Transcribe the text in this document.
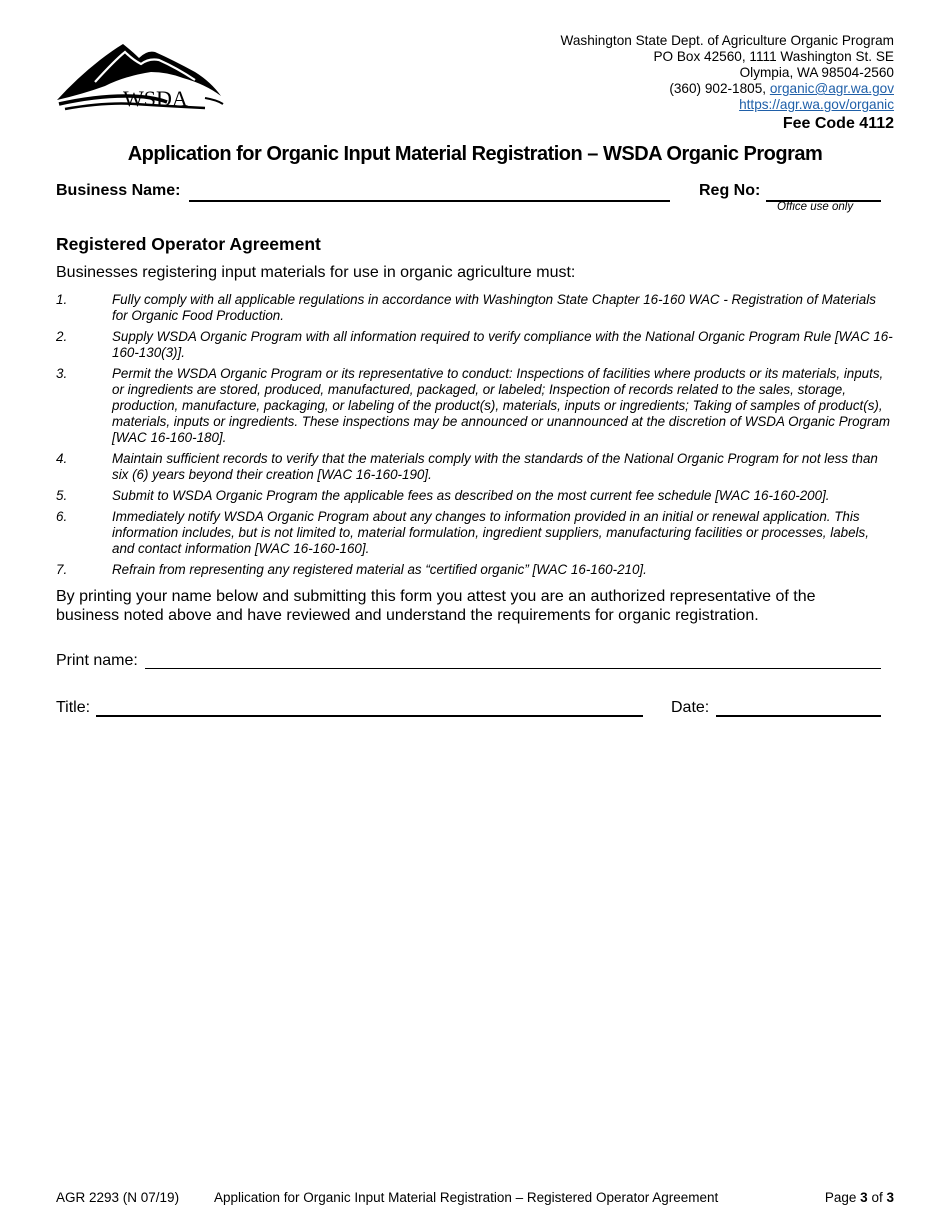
WSDA
Washington State Dept. of Agriculture Organic Program
PO Box 42560, 1111 Washington St. SE
Olympia, WA 98504-2560
(360) 902-1805, organic@agr.wa.gov
https://agr.wa.gov/organic
Fee Code 4112
Application for Organic Input Material Registration – WSDA Organic Program
Business Name:	Reg No:
Office use only
Registered Operator Agreement
Businesses registering input materials for use in organic agriculture must:
1.	Fully comply with all applicable regulations in accordance with Washington State Chapter 16-160 WAC - Registration of Materials for Organic Food Production.
2.	Supply WSDA Organic Program with all information required to verify compliance with the National Organic Program Rule [WAC 16-160-130(3)].
3.	Permit the WSDA Organic Program or its representative to conduct: Inspections of facilities where products or its materials, inputs, or ingredients are stored, produced, manufactured, packaged, or labeled; Inspection of records related to the sales, storage, production, manufacture, packaging, or labeling of the product(s), materials, inputs or ingredients; Taking of samples of product(s), materials, inputs or ingredients. These inspections may be announced or unannounced at the discretion of WSDA Organic Program [WAC 16-160-180].
4.	Maintain sufficient records to verify that the materials comply with the standards of the National Organic Program for not less than six (6) years beyond their creation [WAC 16-160-190].
5.	Submit to WSDA Organic Program the applicable fees as described on the most current fee schedule [WAC 16-160-200].
6.	Immediately notify WSDA Organic Program about any changes to information provided in an initial or renewal application. This information includes, but is not limited to, material formulation, ingredient suppliers, manufacturing facilities or processes, labels, and contact information [WAC 16-160-160].
7.	Refrain from representing any registered material as “certified organic” [WAC 16-160-210].
By printing your name below and submitting this form you attest you are an authorized representative of the business noted above and have reviewed and understand the requirements for organic registration.
Print name:
Title:	Date:
AGR 2293 (N 07/19)	Application for Organic Input Material Registration – Registered Operator Agreement	Page 3 of 3
